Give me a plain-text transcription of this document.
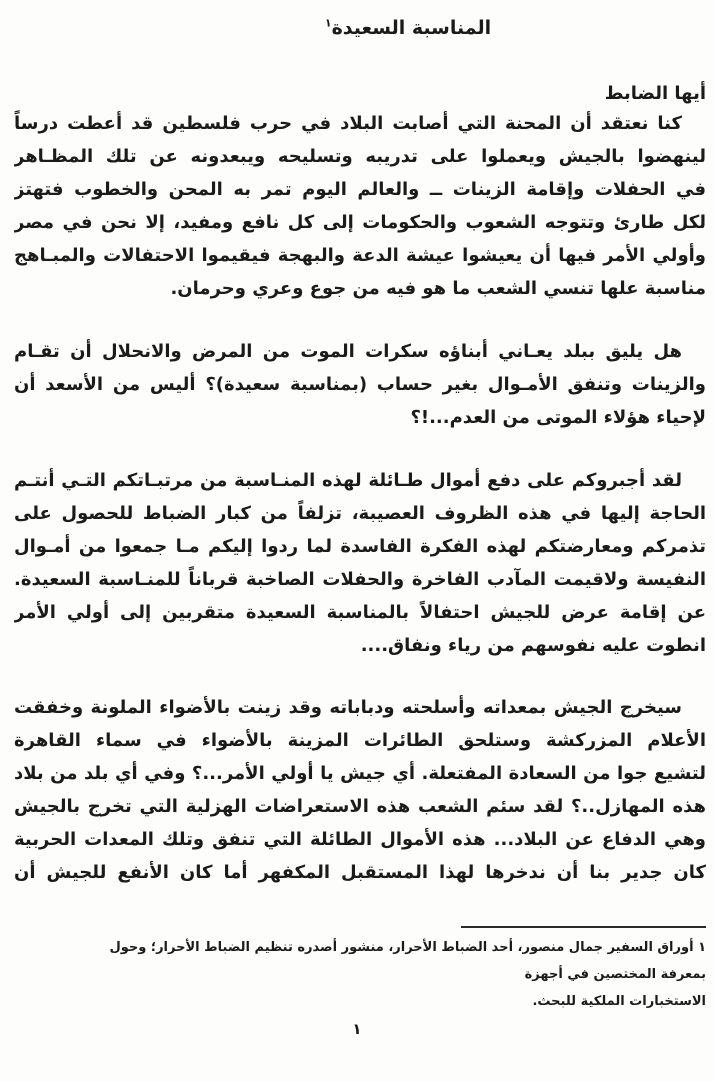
المناسبة السعيدة$^١$
أيها الضابط
كنا نعتقد أن المحنة التي أصابت البلاد في حرب فلسطين قد أعطت درساً
لينهضوا بالجيش ويعملوا على تدريبه وتسليحه ويبعدونه عن تلك المظـاهر
في الحفلات وإقامة الزينات ــ والعالم اليوم تمر به المحن والخطوب فتهتز
لكل طارئ وتتوجه الشعوب والحكومات إلى كل نافع ومفيد، إلا نحن في مصر
وأولي الأمر فيها أن يعيشوا عيشة الدعة والبهجة فيقيموا الاحتفالات والمبـاهج
مناسبة علها تنسي الشعب ما هو فيه من جوع وعري وحرمان.
هل يليق ببلد يعـاني أبناؤه سكرات الموت من المرض والانحلال أن تقـام
والزينات وتنفق الأمـوال بغير حساب (بمناسبة سعيدة)؟ أليس من الأسعد أن
لإحياء هؤلاء الموتى من العدم...!؟
لقد أجبروكم على دفع أموال طـائلة لهذه المنـاسبة من مرتبـاتكم التـي أنتـم
الحاجة إليها في هذه الظروف العصيبة، تزلفاً من كبار الضباط للحصول على
تذمركم ومعارضتكم لهذه الفكرة الفاسدة لما ردوا إليكم مـا جمعوا من أمـوال
النفيسة ولاقيمت المآدب الفاخرة والحفلات الصاخبة قرباناً للمنـاسبة السعيدة.
عن إقامة عرض للجيش احتفالاً بالمناسبة السعيدة متقربين إلى أولي الأمر
انطوت عليه نفوسهم من رياء ونفاق....
سيخرج الجيش بمعداته وأسلحته ودباباته وقد زينت بالأضواء الملونة وخفقت
الأعلام المزركشة وستلحق الطائرات المزينة بالأضواء في سماء القاهرة
لتشيع جوا من السعادة المفتعلة. أي جيش يا أولي الأمر...؟ وفي أي بلد من بلاد
هذه المهازل..؟ لقد سئم الشعب هذه الاستعراضات الهزلية التي تخرج بالجيش
وهي الدفاع عن البلاد... هذه الأموال الطائلة التي تنفق وتلك المعدات الحربية
كان جدير بنا أن ندخرها لهذا المستقبل المكفهر أما كان الأنفع للجيش أن
١ أوراق السفير جمال منصور، أحد الضباط الأحرار، منشور أصدره تنظيم الضباط الأحرار؛ وحول بمعرفة المختصين في أجهزة
الاستخبارات الملكية للبحث.
١
